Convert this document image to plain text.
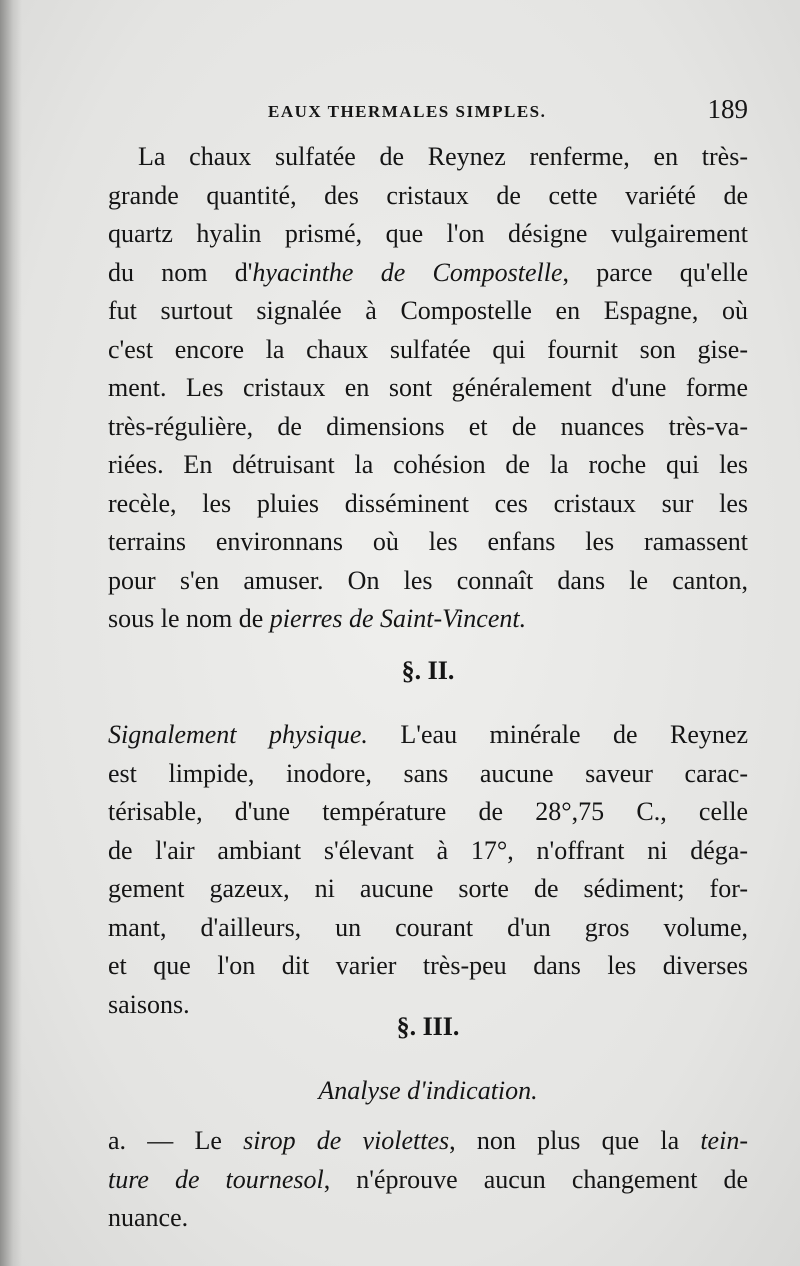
EAUX THERMALES SIMPLES.	189
La chaux sulfatée de Reynez renferme, en très-
grande quantité, des cristaux de cette variété de
quartz hyalin prismé, que l'on désigne vulgairement
du nom d'hyacinthe de Compostelle, parce qu'elle
fut surtout signalée à Compostelle en Espagne, où
c'est encore la chaux sulfatée qui fournit son gise-
ment. Les cristaux en sont généralement d'une forme
très-régulière, de dimensions et de nuances très-va-
riées. En détruisant la cohésion de la roche qui les
recèle, les pluies disséminent ces cristaux sur les
terrains environnans où les enfans les ramassent
pour s'en amuser. On les connaît dans le canton,
sous le nom de pierres de Saint-Vincent.
§. II.
Signalement physique. L'eau minérale de Reynez
est limpide, inodore, sans aucune saveur carac-
térisable, d'une température de 28°,75 C., celle
de l'air ambiant s'élevant à 17°, n'offrant ni déga-
gement gazeux, ni aucune sorte de sédiment; for-
mant, d'ailleurs, un courant d'un gros volume,
et que l'on dit varier très-peu dans les diverses
saisons.
§. III.
Analyse d'indication.
a. — Le sirop de violettes, non plus que la tein-
ture de tournesol, n'éprouve aucun changement de
nuance.
